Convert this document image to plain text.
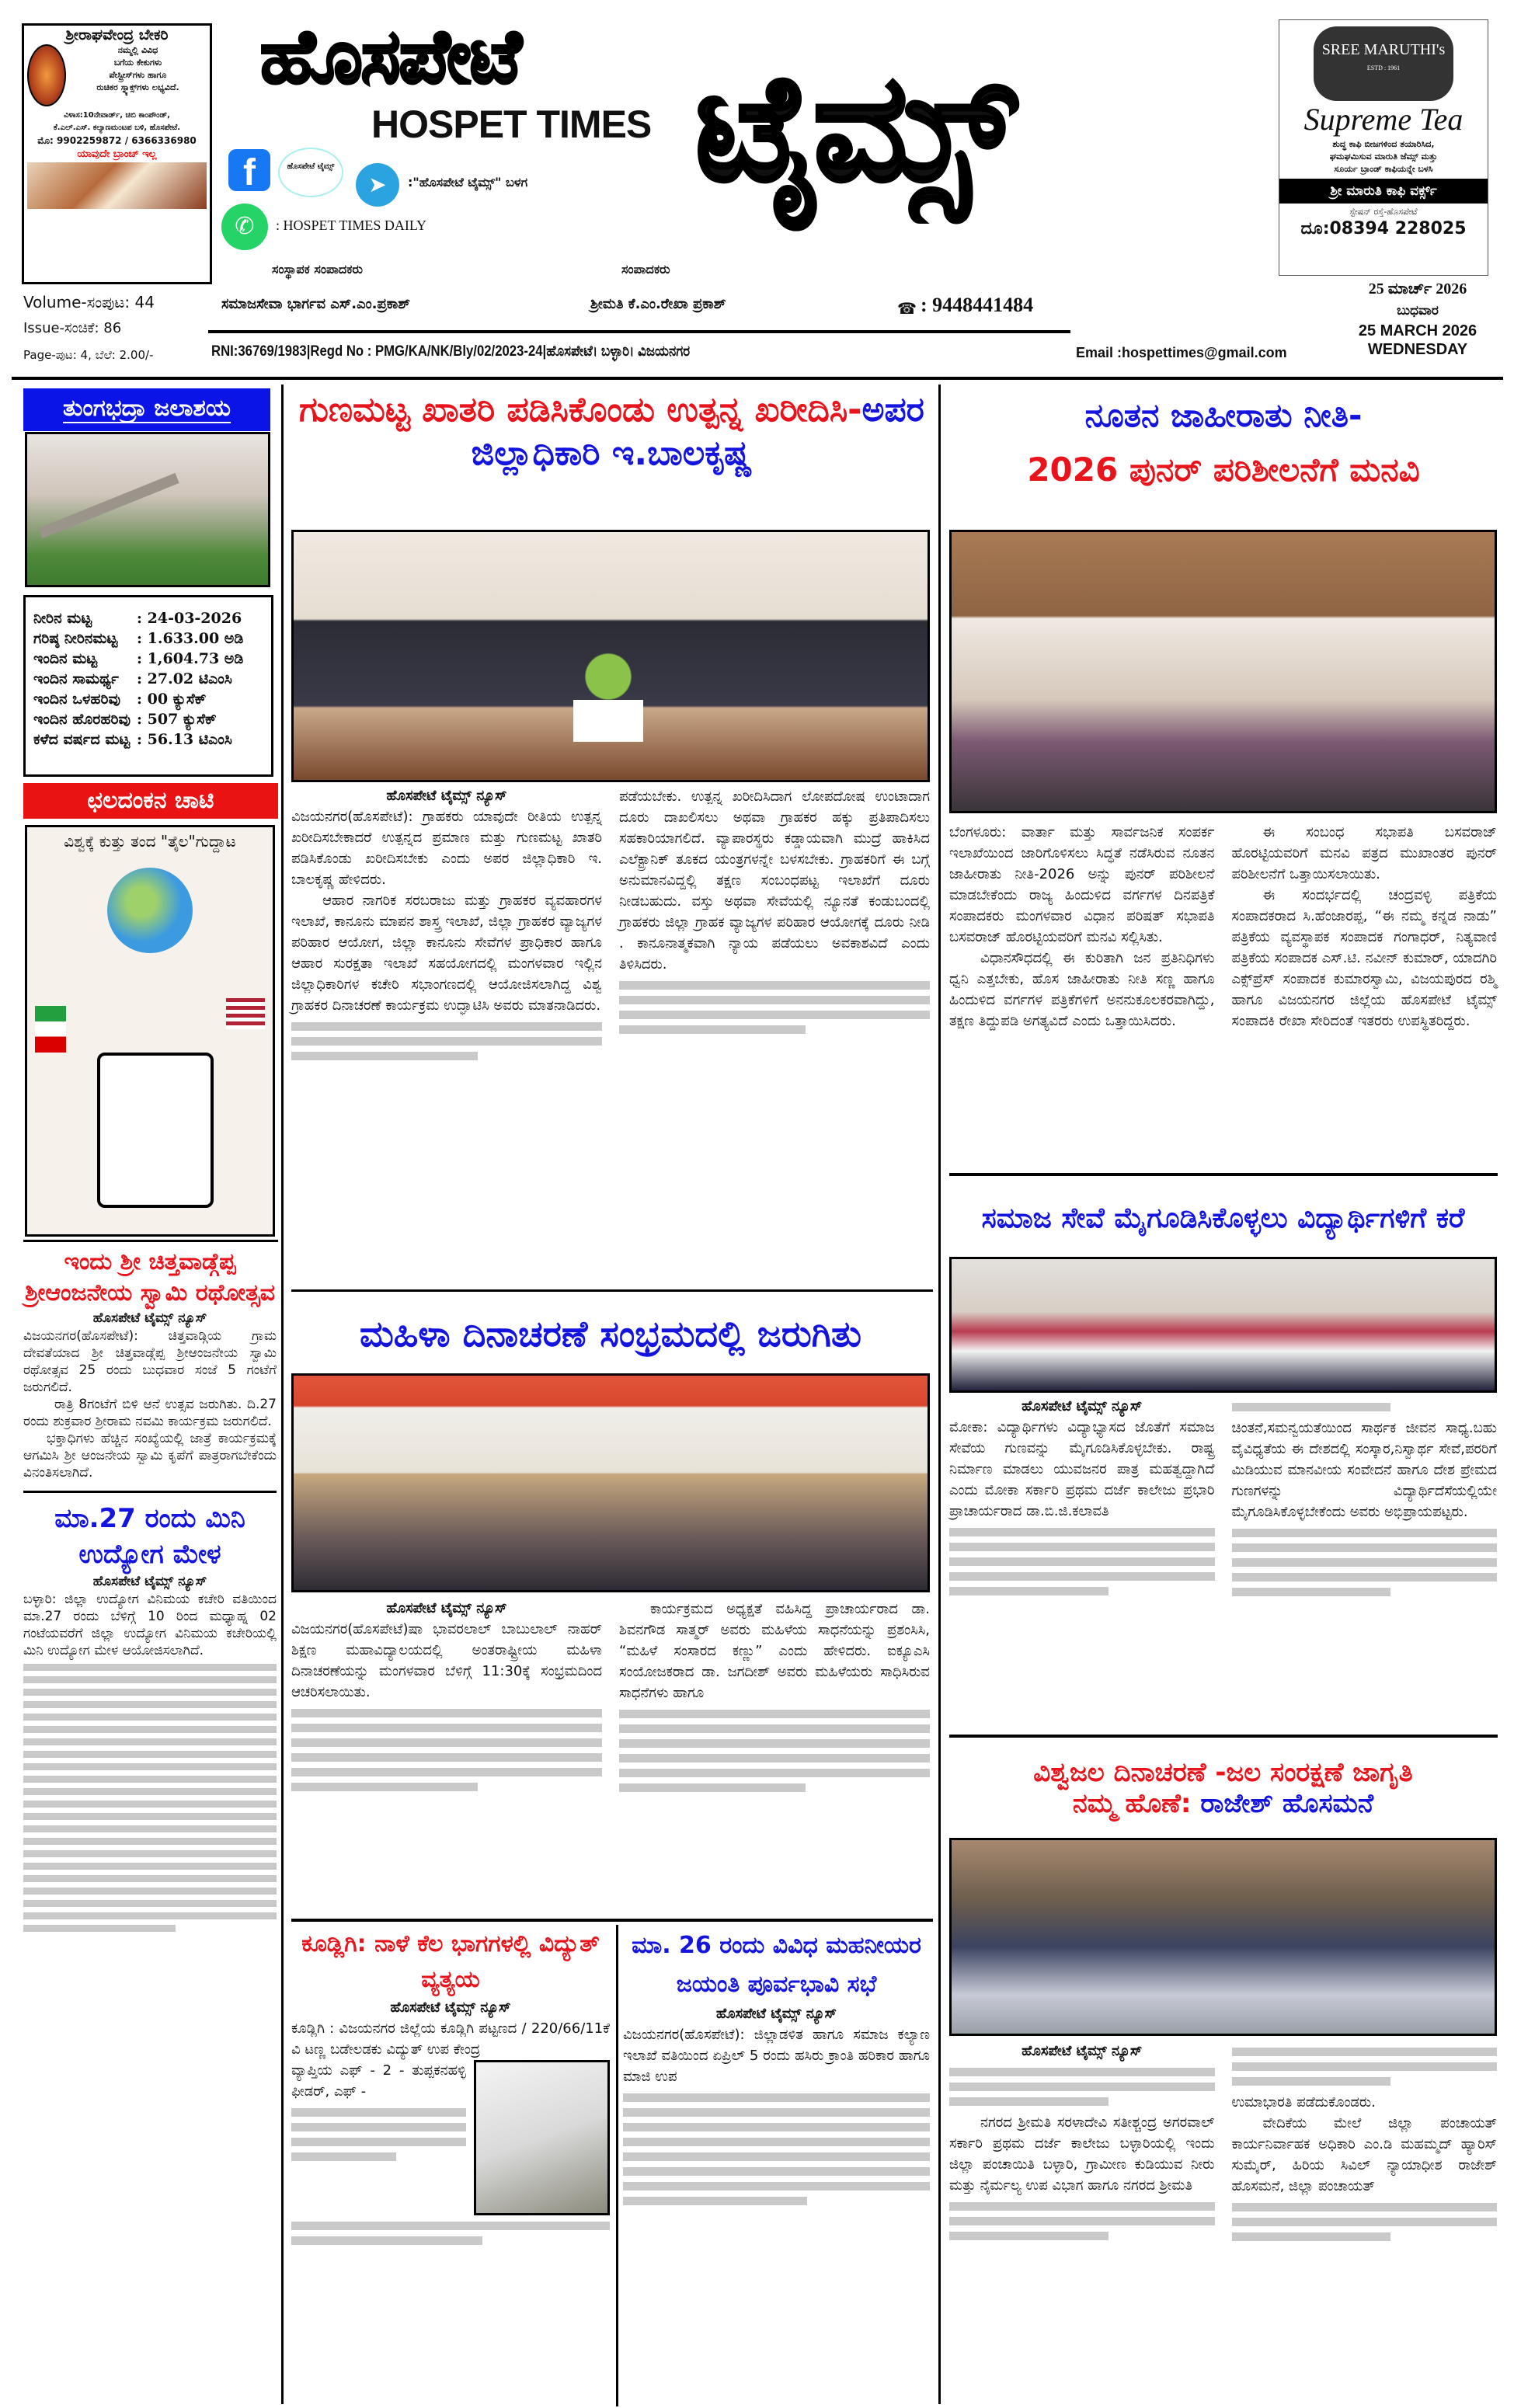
ಶ್ರೀರಾಘವೇಂದ್ರ ಬೇಕರಿ
ನಮ್ಮಲ್ಲಿ ವಿವಿಧ
ಬಗೆಯ ಕೇಕುಗಳು
ಪೇಸ್ಟ್ರೀಸ್‌ಗಳು ಹಾಗೂ
ರುಚಿಕರ ಸ್ನ್ಯಾಕ್ಸ್‌ಗಳು ಲಭ್ಯವಿದೆ.
ವಿಳಾಸ:10ನೇವಾರ್ಡ್, ಚಿಬಿ ಕಾಂಪೌಂಡ್,
ಕೆ.ಎಲ್.ಎಸ್. ಕಲ್ಯಾಣಮಂಟಪ ಬಳಿ, ಹೊಸಪೇಟೆ.
ಮೊ: 9902259872 / 6366336980
ಯಾವುದೇ ಬ್ರಾಂಚ್ ಇಲ್ಲ
ಹೊಸಪೇಟೆ
HOSPET TIMES ಟೈಮ್ಸ್
f	ಹೊಸಪೇಟೆ ಟೈಮ್ಸ್
➤	:"ಹೊಸಪೇಟೆ ಟೈಮ್ಸ್" ಬಳಗ
✆	: HOSPET TIMES DAILY
ಸಂಸ್ಥಾಪಕ ಸಂಪಾದಕರು	ಸಂಪಾದಕರು
SREE MARUTHI's
ESTD : 1961
Supreme Tea
ಶುದ್ಧ ಕಾಫಿ ಬೀಜಗಳಿಂದ ತಯಾರಿಸಿದ,
ಘಮಘಮಿಸುವ ಮಾರುತಿ ಜೆಮ್ಸ್ ಮತ್ತು
ಸೂರ್ಯ ಬ್ರಾಂಡ್ ಕಾಫಿಯನ್ನೇ ಬಳಸಿ
ಶ್ರೀ ಮಾರುತಿ ಕಾಫಿ ವರ್ಕ್ಸ್
ಸ್ಟೇಷನ್ ರಸ್ತೆ-ಹೊಸಪೇಟೆ
ದೂ:08394 228025
Volume-ಸಂಪುಟ: 44
Issue-ಸಂಚಿಕೆ: 86
Page-ಪುಟ: 4, ಬೆಲೆ: 2.00/-
ಸಮಾಜಸೇವಾ ಭಾರ್ಗವ ಎಸ್.ಎಂ.ಪ್ರಕಾಶ್	ಶ್ರೀಮತಿ ಕೆ.ಎಂ.ರೇಖಾ ಪ್ರಕಾಶ್	☎ : 9448441484
RNI:36769/1983|Regd No : PMG/KA/NK/Bly/02/2023-24|ಹೊಸಪೇಟೆ। ಬಳ್ಳಾರಿ। ವಿಜಯನಗರ	Email :hospettimes@gmail.com
25 ಮಾರ್ಚ್ 2026
ಬುಧವಾರ
25 MARCH 2026
WEDNESDAY
ತುಂಗಭದ್ರಾ ಜಲಾಶಯ
ನೀರಿನ ಮಟ್ಟ	: 24-03-2026
ಗರಿಷ್ಠ ನೀರಿನಮಟ್ಟ	: 1.633.00 ಅಡಿ
ಇಂದಿನ ಮಟ್ಟ	: 1,604.73 ಅಡಿ
ಇಂದಿನ ಸಾಮರ್ಥ್ಯ	: 27.02 ಟಿಎಂಸಿ
ಇಂದಿನ ಒಳಹರಿವು	: 00 ಕ್ಯುಸೆಕ್
ಇಂದಿನ ಹೊರಹರಿವು	: 507 ಕ್ಯುಸೆಕ್
ಕಳೆದ ವರ್ಷದ ಮಟ್ಟ	: 56.13 ಟಿಎಂಸಿ
ಛಲದಂಕನ ಚಾಟಿ
ವಿಶ್ವಕ್ಕೆ ಕುತ್ತು ತಂದ "ತೈಲ"ಗುದ್ದಾಟ
ಇಂದು ಶ್ರೀ ಚಿತ್ತವಾಡ್ಗೆಪ್ಪ ಶ್ರೀಆಂಜನೇಯ ಸ್ವಾಮಿ ರಥೋತ್ಸವ
ಹೊಸಪೇಟೆ ಟೈಮ್ಸ್ ನ್ಯೂಸ್

ವಿಜಯನಗರ(ಹೊಸಪೇಟೆ): ಚಿತ್ತವಾಡ್ಗಿಯ ಗ್ರಾಮ ದೇವತೆಯಾದ ಶ್ರೀ ಚಿತ್ತವಾಡ್ಗೆಪ್ಪ ಶ್ರೀಆಂಜನೇಯ ಸ್ವಾಮಿ ರಥೋತ್ಸವ 25 ರಂದು ಬುಧವಾರ ಸಂಜೆ 5 ಗಂಟೆಗೆ ಜರುಗಲಿದೆ.

ರಾತ್ರಿ 8ಗಂಟೆಗೆ ಬಿಳಿ ಆನೆ ಉತ್ಸವ ಜರುಗಿತು. ದಿ.27 ರಂದು ಶುಕ್ರವಾರ ಶ್ರೀರಾಮ ನವಮಿ ಕಾರ್ಯಕ್ರಮ ಜರುಗಲಿದೆ.

ಭಕ್ತಾಧಿಗಳು ಹೆಚ್ಚಿನ ಸಂಖ್ಯೆಯಲ್ಲಿ ಜಾತ್ರೆ ಕಾರ್ಯಕ್ರಮಕ್ಕೆ ಆಗಮಿಸಿ ಶ್ರೀ ಆಂಜನೇಯ ಸ್ವಾಮಿ ಕೃಪೆಗೆ ಪಾತ್ರರಾಗಬೇಕೆಂದು ವಿನಂತಿಸಲಾಗಿದೆ.

ಮಾ.27 ರಂದು ಮಿನಿ ಉದ್ಯೋಗ ಮೇಳ
ಹೊಸಪೇಟೆ ಟೈಮ್ಸ್ ನ್ಯೂಸ್

ಬಳ್ಳಾರಿ: ಜಿಲ್ಲಾ ಉದ್ಯೋಗ ವಿನಿಮಯ ಕಚೇರಿ ವತಿಯಿಂದ ಮಾ.27 ರಂದು ಬೆಳಿಗ್ಗೆ 10 ರಿಂದ ಮಧ್ಯಾಹ್ನ 02 ಗಂಟೆಯವರೆಗೆ ಜಿಲ್ಲಾ ಉದ್ಯೋಗ ವಿನಿಮಯ ಕಚೇರಿಯಲ್ಲಿ ಮಿನಿ ಉದ್ಯೋಗ ಮೇಳ ಆಯೋಜಿಸಲಾಗಿದೆ.

ಗುಣಮಟ್ಟ ಖಾತರಿ ಪಡಿಸಿಕೊಂಡು ಉತ್ಪನ್ನ ಖರೀದಿಸಿ-ಅಪರ ಜಿಲ್ಲಾಧಿಕಾರಿ ಇ.ಬಾಲಕೃಷ್ಣ
ಹೊಸಪೇಟೆ ಟೈಮ್ಸ್ ನ್ಯೂಸ್

ವಿಜಯನಗರ(ಹೊಸಪೇಟೆ): ಗ್ರಾಹಕರು ಯಾವುದೇ ರೀತಿಯ ಉತ್ಪನ್ನ ಖರೀದಿಸಬೇಕಾದರೆ ಉತ್ಪನ್ನದ ಪ್ರಮಾಣ ಮತ್ತು ಗುಣಮಟ್ಟ ಖಾತರಿ ಪಡಿಸಿಕೊಂಡು ಖರೀದಿಸಬೇಕು ಎಂದು ಅಪರ ಜಿಲ್ಲಾಧಿಕಾರಿ ಇ. ಬಾಲಕೃಷ್ಣ ಹೇಳಿದರು.

ಆಹಾರ ನಾಗರಿಕ ಸರಬರಾಜು ಮತ್ತು ಗ್ರಾಹಕರ ವ್ಯವಹಾರಗಳ ಇಲಾಖೆ, ಕಾನೂನು ಮಾಪನ ಶಾಸ್ತ್ರ ಇಲಾಖೆ, ಜಿಲ್ಲಾ ಗ್ರಾಹಕರ ವ್ಯಾಜ್ಯಗಳ ಪರಿಹಾರ ಆಯೋಗ, ಜಿಲ್ಲಾ ಕಾನೂನು ಸೇವೆಗಳ ಪ್ರಾಧಿಕಾರ ಹಾಗೂ ಆಹಾರ ಸುರಕ್ಷತಾ ಇಲಾಖೆ ಸಹಯೋಗದಲ್ಲಿ ಮಂಗಳವಾರ ಇಲ್ಲಿನ ಜಿಲ್ಲಾಧಿಕಾರಿಗಳ ಕಚೇರಿ ಸಭಾಂಗಣದಲ್ಲಿ ಆಯೋಜಿಸಲಾಗಿದ್ದ ವಿಶ್ವ ಗ್ರಾಹಕರ ದಿನಾಚರಣೆ ಕಾರ್ಯಕ್ರಮ ಉದ್ಘಾಟಿಸಿ ಅವರು ಮಾತನಾಡಿದರು.

ಪಡೆಯಬೇಕು. ಉತ್ಪನ್ನ ಖರೀದಿಸಿದಾಗ ಲೋಪದೋಷ ಉಂಟಾದಾಗ ದೂರು ದಾಖಲಿಸಲು ಅಥವಾ ಗ್ರಾಹಕರ ಹಕ್ಕು ಪ್ರತಿಪಾದಿಸಲು ಸಹಕಾರಿಯಾಗಲಿದೆ. ವ್ಯಾಪಾರಸ್ಥರು ಕಡ್ಡಾಯವಾಗಿ ಮುದ್ರೆ ಹಾಕಿಸಿದ ಎಲೆಕ್ಟ್ರಾನಿಕ್ ತೂಕದ ಯಂತ್ರಗಳನ್ನೇ ಬಳಸಬೇಕು. ಗ್ರಾಹಕರಿಗೆ ಈ ಬಗ್ಗೆ ಅನುಮಾನವಿದ್ದಲ್ಲಿ ತಕ್ಷಣ ಸಂಬಂಧಪಟ್ಟ ಇಲಾಖೆಗೆ ದೂರು ನೀಡಬಹುದು. ವಸ್ತು ಅಥವಾ ಸೇವೆಯಲ್ಲಿ ನ್ಯೂನತೆ ಕಂಡುಬಂದಲ್ಲಿ ಗ್ರಾಹಕರು ಜಿಲ್ಲಾ ಗ್ರಾಹಕ ವ್ಯಾಜ್ಯಗಳ ಪರಿಹಾರ ಆಯೋಗಕ್ಕೆ ದೂರು ನೀಡಿ . ಕಾನೂನಾತ್ಮಕವಾಗಿ ನ್ಯಾಯ ಪಡೆಯಲು ಅವಕಾಶವಿದೆ ಎಂದು ತಿಳಿಸಿದರು.

ಮಹಿಳಾ ದಿನಾಚರಣೆ ಸಂಭ್ರಮದಲ್ಲಿ ಜರುಗಿತು
ಹೊಸಪೇಟೆ ಟೈಮ್ಸ್ ನ್ಯೂಸ್

ವಿಜಯನಗರ(ಹೊಸಪೇಟೆ)ಷಾ ಭಾವರಲಾಲ್ ಬಾಬುಲಾಲ್ ನಾಹರ್ ಶಿಕ್ಷಣ ಮಹಾವಿದ್ಯಾಲಯದಲ್ಲಿ ಅಂತರಾಷ್ಟ್ರೀಯ ಮಹಿಳಾ ದಿನಾಚರಣೆಯನ್ನು ಮಂಗಳವಾರ ಬೆಳಿಗ್ಗೆ 11:30ಕ್ಕೆ ಸಂಭ್ರಮದಿಂದ ಆಚರಿಸಲಾಯಿತು.

ಕಾರ್ಯಕ್ರಮದ ಅಧ್ಯಕ್ಷತೆ ವಹಿಸಿದ್ದ ಪ್ರಾಚಾರ್ಯರಾದ ಡಾ. ಶಿವನಗೌಡ ಸಾತ್ಮರ್ ಅವರು ಮಹಿಳೆಯ ಸಾಧನೆಯನ್ನು ಪ್ರಶಂಸಿಸಿ, “ಮಹಿಳೆ ಸಂಸಾರದ ಕಣ್ಣು” ಎಂದು ಹೇಳಿದರು. ಐಕ್ಯೂಎಸಿ ಸಂಯೋಜಕರಾದ ಡಾ. ಜಗದೀಶ್ ಅವರು ಮಹಿಳೆಯರು ಸಾಧಿಸಿರುವ ಸಾಧನೆಗಳು ಹಾಗೂ

ಕೂಡ್ಲಿಗಿ: ನಾಳೆ ಕೆಲ ಭಾಗಗಳಲ್ಲಿ ವಿದ್ಯುತ್ ವ್ಯತ್ಯಯ
ಹೊಸಪೇಟೆ ಟೈಮ್ಸ್ ನ್ಯೂಸ್

ಕೂಡ್ಲಿಗಿ : ವಿಜಯನಗರ ಜಿಲ್ಲೆಯ ಕೂಡ್ಲಿಗಿ ಪಟ್ಟಣದ / 220/66/11ಕೆ ವಿ ಟಣ್ಣ ಬಡೇಲಡಕು ವಿದ್ಯುತ್ ಉಪ ಕೇಂದ್ರ

ವ್ಯಾಪ್ತಿಯ ಎಫ್ - 2 - ತುಪ್ಪಕನಹಳ್ಳಿ ಫೀಡರ್, ಎಫ್ -

ಮಾ. 26 ರಂದು ವಿವಿಧ ಮಹನೀಯರ ಜಯಂತಿ ಪೂರ್ವಭಾವಿ ಸಭೆ
ಹೊಸಪೇಟೆ ಟೈಮ್ಸ್ ನ್ಯೂಸ್

ವಿಜಯನಗರ(ಹೊಸಪೇಟೆ): ಜಿಲ್ಲಾಡಳಿತ ಹಾಗೂ ಸಮಾಜ ಕಲ್ಯಾಣ ಇಲಾಖೆ ವತಿಯಿಂದ ಏಪ್ರಿಲ್ 5 ರಂದು ಹಸಿರು ಕ್ರಾಂತಿ ಹರಿಕಾರ ಹಾಗೂ ಮಾಜಿ ಉಪ

ನೂತನ ಜಾಹೀರಾತು ನೀತಿ-
2026 ಪುನರ್ ಪರಿಶೀಲನೆಗೆ ಮನವಿ

ಬೆಂಗಳೂರು: ವಾರ್ತಾ ಮತ್ತು ಸಾರ್ವಜನಿಕ ಸಂಪರ್ಕ ಇಲಾಖೆಯಿಂದ ಜಾರಿಗೊಳಿಸಲು ಸಿದ್ಧತೆ ನಡೆಸಿರುವ ನೂತನ ಜಾಹೀರಾತು ನೀತಿ-2026 ಅನ್ನು ಪುನರ್ ಪರಿಶೀಲನೆ ಮಾಡಬೇಕೆಂದು ರಾಜ್ಯ ಹಿಂದುಳಿದ ವರ್ಗಗಳ ದಿನಪತ್ರಿಕೆ ಸಂಪಾದಕರು ಮಂಗಳವಾರ ವಿಧಾನ ಪರಿಷತ್ ಸಭಾಪತಿ ಬಸವರಾಜ್ ಹೊರಟ್ಟಿಯವರಿಗೆ ಮನವಿ ಸಲ್ಲಿಸಿತು.

ವಿಧಾನಸೌಧದಲ್ಲಿ ಈ ಕುರಿತಾಗಿ ಜನ ಪ್ರತಿನಿಧಿಗಳು ಧ್ವನಿ ಎತ್ತಬೇಕು, ಹೊಸ ಜಾಹೀರಾತು ನೀತಿ ಸಣ್ಣ ಹಾಗೂ ಹಿಂದುಳಿದ ವರ್ಗಗಳ ಪತ್ರಿಕೆಗಳಿಗೆ ಅನನುಕೂಲಕರವಾಗಿದ್ದು, ತಕ್ಷಣ ತಿದ್ದುಪಡಿ ಅಗತ್ಯವಿದೆ ಎಂದು ಒತ್ತಾಯಿಸಿದರು.

ಈ ಸಂಬಂಧ ಸಭಾಪತಿ ಬಸವರಾಜ್ ಹೊರಟ್ಟಿಯವರಿಗೆ ಮನವಿ ಪತ್ರದ ಮುಖಾಂತರ ಪುನರ್ ಪರಿಶೀಲನೆಗೆ ಒತ್ತಾಯಿಸಲಾಯಿತು.

ಈ ಸಂದರ್ಭದಲ್ಲಿ ಚಂದ್ರವಳ್ಳಿ ಪತ್ರಿಕೆಯ ಸಂಪಾದಕರಾದ ಸಿ.ಹೆಂಜಾರಪ್ಪ, “ಈ ನಮ್ಮ ಕನ್ನಡ ನಾಡು” ಪತ್ರಿಕೆಯ ವ್ಯವಸ್ಥಾಪಕ ಸಂಪಾದಕ ಗಂಗಾಧರ್, ನಿತ್ಯವಾಣಿ ಪತ್ರಿಕೆಯ ಸಂಪಾದಕ ಎಸ್.ಟಿ. ನವೀನ್ ಕುಮಾರ್, ಯಾದಗಿರಿ ಎಕ್ಸ್‌ಪ್ರೆಸ್ ಸಂಪಾದಕ ಕುಮಾರಸ್ವಾಮಿ, ವಿಜಯಪುರದ ರಶ್ಮಿ ಹಾಗೂ ವಿಜಯನಗರ ಜಿಲ್ಲೆಯ ಹೊಸಪೇಟೆ ಟೈಮ್ಸ್ ಸಂಪಾದಕಿ ರೇಖಾ ಸೇರಿದಂತೆ ಇತರರು ಉಪಸ್ಥಿತರಿದ್ದರು.

ಸಮಾಜ ಸೇವೆ ಮೈಗೂಡಿಸಿಕೊಳ್ಳಲು ವಿದ್ಯಾರ್ಥಿಗಳಿಗೆ ಕರೆ
ಹೊಸಪೇಟೆ ಟೈಮ್ಸ್ ನ್ಯೂಸ್

ಮೋಕಾ: ವಿದ್ಯಾರ್ಥಿಗಳು ವಿದ್ಯಾಭ್ಯಾಸದ ಜೊತೆಗೆ ಸಮಾಜ ಸೇವೆಯ ಗುಣವನ್ನು ಮೈಗೂಡಿಸಿಕೊಳ್ಳಬೇಕು. ರಾಷ್ಟ್ರ ನಿರ್ಮಾಣ ಮಾಡಲು ಯುವಜನರ ಪಾತ್ರ ಮಹತ್ವದ್ದಾಗಿದೆ ಎಂದು ಮೋಕಾ ಸರ್ಕಾರಿ ಪ್ರಥಮ ದರ್ಜೆ ಕಾಲೇಜು ಪ್ರಭಾರಿ ಪ್ರಾಚಾರ್ಯರಾದ ಡಾ.ಬಿ.ಜಿ.ಕಲಾವತಿ

ಚಿಂತನೆ,ಸಮನ್ವಯತೆಯಿಂದ ಸಾರ್ಥಕ ಜೀವನ ಸಾಧ್ಯ.ಬಹು ವೈವಿಧ್ಯತೆಯ ಈ ದೇಶದಲ್ಲಿ ಸಂಸ್ಕಾರ,ನಿಸ್ವಾರ್ಥ ಸೇವೆ,ಪರರಿಗೆ ಮಿಡಿಯುವ ಮಾನವೀಯ ಸಂವೇದನೆ ಹಾಗೂ ದೇಶ ಪ್ರೇಮದ ಗುಣಗಳನ್ನು ವಿದ್ಯಾರ್ಥಿದೆಸೆಯಲ್ಲಿಯೇ ಮೈಗೂಡಿಸಿಕೊಳ್ಳಬೇಕೆಂದು ಅವರು ಅಭಿಪ್ರಾಯಪಟ್ಟರು.

ವಿಶ್ವಜಲ ದಿನಾಚರಣೆ -ಜಲ ಸಂರಕ್ಷಣೆ ಜಾಗೃತಿ
ನಮ್ಮ ಹೊಣೆ: ರಾಜೇಶ್ ಹೊಸಮನೆ
ಹೊಸಪೇಟೆ ಟೈಮ್ಸ್ ನ್ಯೂಸ್

ನಗರದ ಶ್ರೀಮತಿ ಸರಳಾದೇವಿ ಸತೀಶ್ಚಂದ್ರ ಅಗರವಾಲ್ ಸರ್ಕಾರಿ ಪ್ರಥಮ ದರ್ಜೆ ಕಾಲೇಜು ಬಳ್ಳಾರಿಯಲ್ಲಿ ಇಂದು ಜಿಲ್ಲಾ ಪಂಚಾಯಿತಿ ಬಳ್ಳಾರಿ, ಗ್ರಾಮೀಣ ಕುಡಿಯುವ ನೀರು ಮತ್ತು ನೈರ್ಮಲ್ಯ ಉಪ ವಿಭಾಗ ಹಾಗೂ ನಗರದ ಶ್ರೀಮತಿ

ಉಮಾಭಾರತಿ ಪಡೆದುಕೊಂಡರು.

ವೇದಿಕೆಯ ಮೇಲೆ ಜಿಲ್ಲಾ ಪಂಚಾಯತ್ ಕಾರ್ಯನಿರ್ವಾಹಕ ಅಧಿಕಾರಿ ಎಂ.ಡಿ ಮಹಮ್ಮದ್ ಹ್ಯಾರಿಸ್ ಸುಮೈರ್, ಹಿರಿಯ ಸಿವಿಲ್ ನ್ಯಾಯಾಧೀಶ ರಾಜೇಶ್ ಹೊಸಮನೆ, ಜಿಲ್ಲಾ ಪಂಚಾಯತ್
